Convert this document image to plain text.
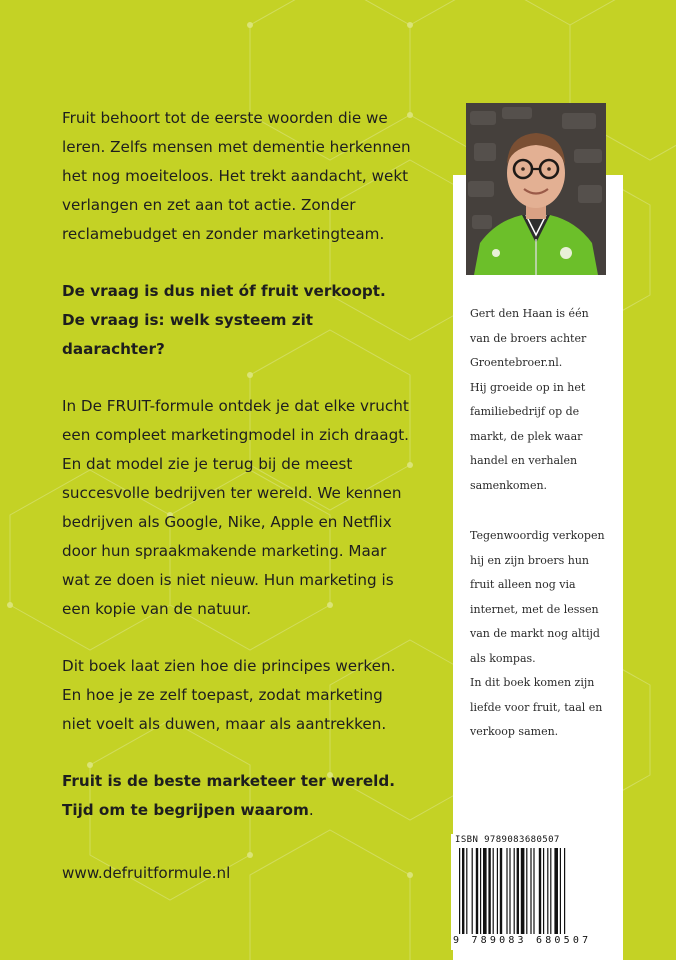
Fruit behoort tot de eerste woorden die we leren. Zelfs mensen met dementie herkennen het nog moeiteloos. Het trekt aandacht, wekt verlangen en zet aan tot actie. Zonder reclamebudget en zonder marketingteam.

De vraag is dus niet óf fruit verkoopt.
De vraag is: welk systeem zit daarachter?

In De FRUIT-formule ontdek je dat elke vrucht een compleet marketingmodel in zich draagt. En dat model zie je terug bij de meest succesvolle bedrijven ter wereld. We kennen bedrijven als Google, Nike, Apple en Netflix door hun spraakmakende marketing. Maar wat ze doen is niet nieuw. Hun marketing is een kopie van de natuur.

Dit boek laat zien hoe die principes werken. En hoe je ze zelf toepast, zodat marketing niet voelt als duwen, maar als aantrekken.

Fruit is de beste marketeer ter wereld.
Tijd om te begrijpen waarom.

www.defruitformule.nl

Gert den Haan is één

van de broers achter

Groentebroer.nl.

Hij groeide op in het

familiebedrijf op de

markt, de plek waar

handel en verhalen

samenkomen.

Tegenwoordig verkopen

hij en zijn broers hun

fruit alleen nog via

internet, met de lessen

van de markt nog altijd

als kompas.

In dit boek komen zijn

liefde voor fruit, taal en

verkoop samen.

ISBN 9789083680507
9 789083 680507
